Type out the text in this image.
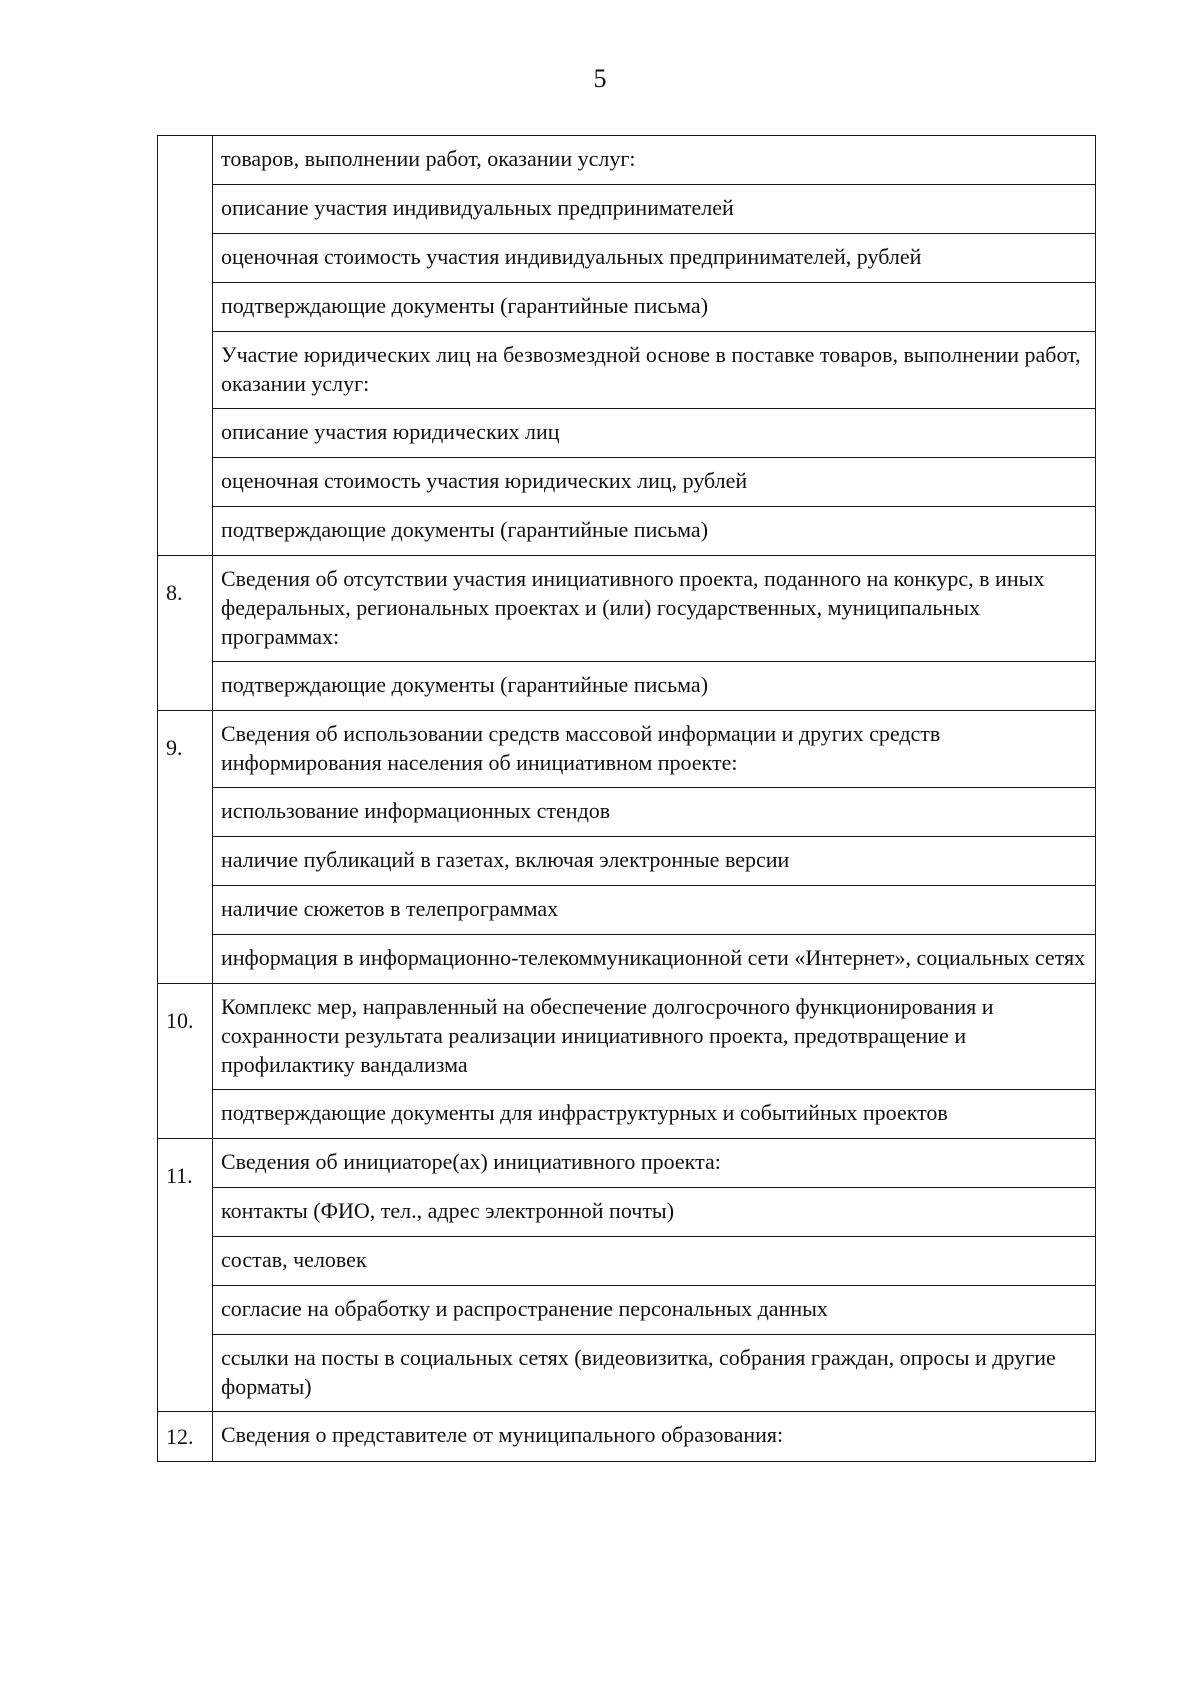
5
	товаров, выполнении работ, оказании услуг:
	описание участия индивидуальных предпринимателей
	оценочная стоимость участия индивидуальных предпринимателей, рублей
	подтверждающие документы (гарантийные письма)
	Участие юридических лиц на безвозмездной основе в поставке товаров, выполнении работ, оказании услуг:
	описание участия юридических лиц
	оценочная стоимость участия юридических лиц, рублей
	подтверждающие документы (гарантийные письма)
8.	Сведения об отсутствии участия инициативного проекта, поданного на конкурс, в иных федеральных, региональных проектах и (или) государственных, муниципальных программах:
	подтверждающие документы (гарантийные письма)
9.	Сведения об использовании средств массовой информации и других средств информирования населения об инициативном проекте:
	использование информационных стендов
	наличие публикаций в газетах, включая электронные версии
	наличие сюжетов в телепрограммах
	информация в информационно-телекоммуникационной сети «Интернет», социальных сетях
10.	Комплекс мер, направленный на обеспечение долгосрочного функционирования и сохранности результата реализации инициативного проекта, предотвращение и профилактику вандализма
	подтверждающие документы для инфраструктурных и событийных проектов
11.	Сведения об инициаторе(ах) инициативного проекта:
	контакты (ФИО, тел., адрес электронной почты)
	состав, человек
	согласие на обработку и распространение персональных данных
	ссылки на посты в социальных сетях (видеовизитка, собрания граждан, опросы и другие форматы)
12.	Сведения о представителе от муниципального образования:
